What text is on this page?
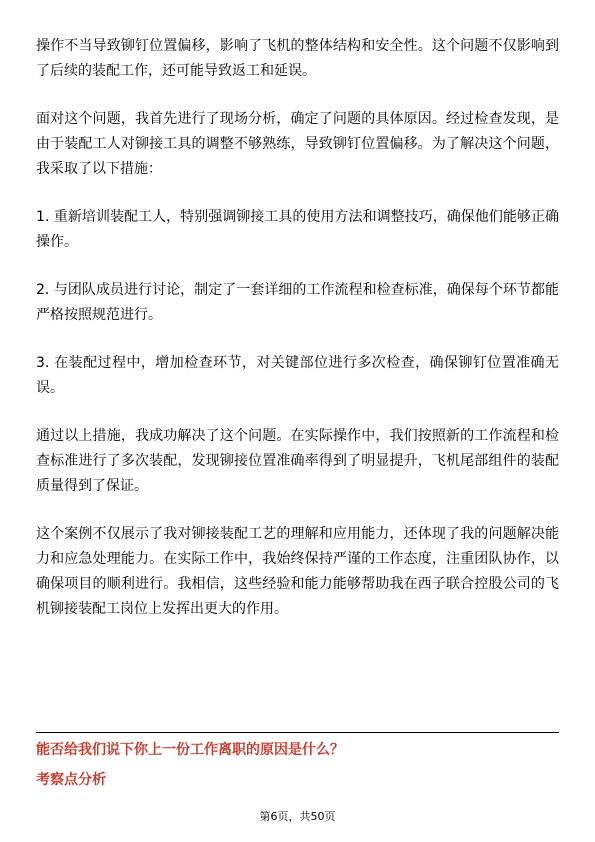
操作不当导致铆钉位置偏移，影响了飞机的整体结构和安全性。这个问题不仅影响到了后续的装配工作，还可能导致返工和延误。

面对这个问题，我首先进行了现场分析，确定了问题的具体原因。经过检查发现，是由于装配工人对铆接工具的调整不够熟练，导致铆钉位置偏移。为了解决这个问题，我采取了以下措施：

1. 重新培训装配工人，特别强调铆接工具的使用方法和调整技巧，确保他们能够正确操作。

2. 与团队成员进行讨论，制定了一套详细的工作流程和检查标准，确保每个环节都能严格按照规范进行。

3. 在装配过程中，增加检查环节，对关键部位进行多次检查，确保铆钉位置准确无误。

通过以上措施，我成功解决了这个问题。在实际操作中，我们按照新的工作流程和检查标准进行了多次装配，发现铆接位置准确率得到了明显提升，飞机尾部组件的装配质量得到了保证。

这个案例不仅展示了我对铆接装配工艺的理解和应用能力，还体现了我的问题解决能力和应急处理能力。在实际工作中，我始终保持严谨的工作态度，注重团队协作，以确保项目的顺利进行。我相信，这些经验和能力能够帮助我在西子联合控股公司的飞机铆接装配工岗位上发挥出更大的作用。

能否给我们说下你上一份工作离职的原因是什么？

考察点分析

第6页，共50页
